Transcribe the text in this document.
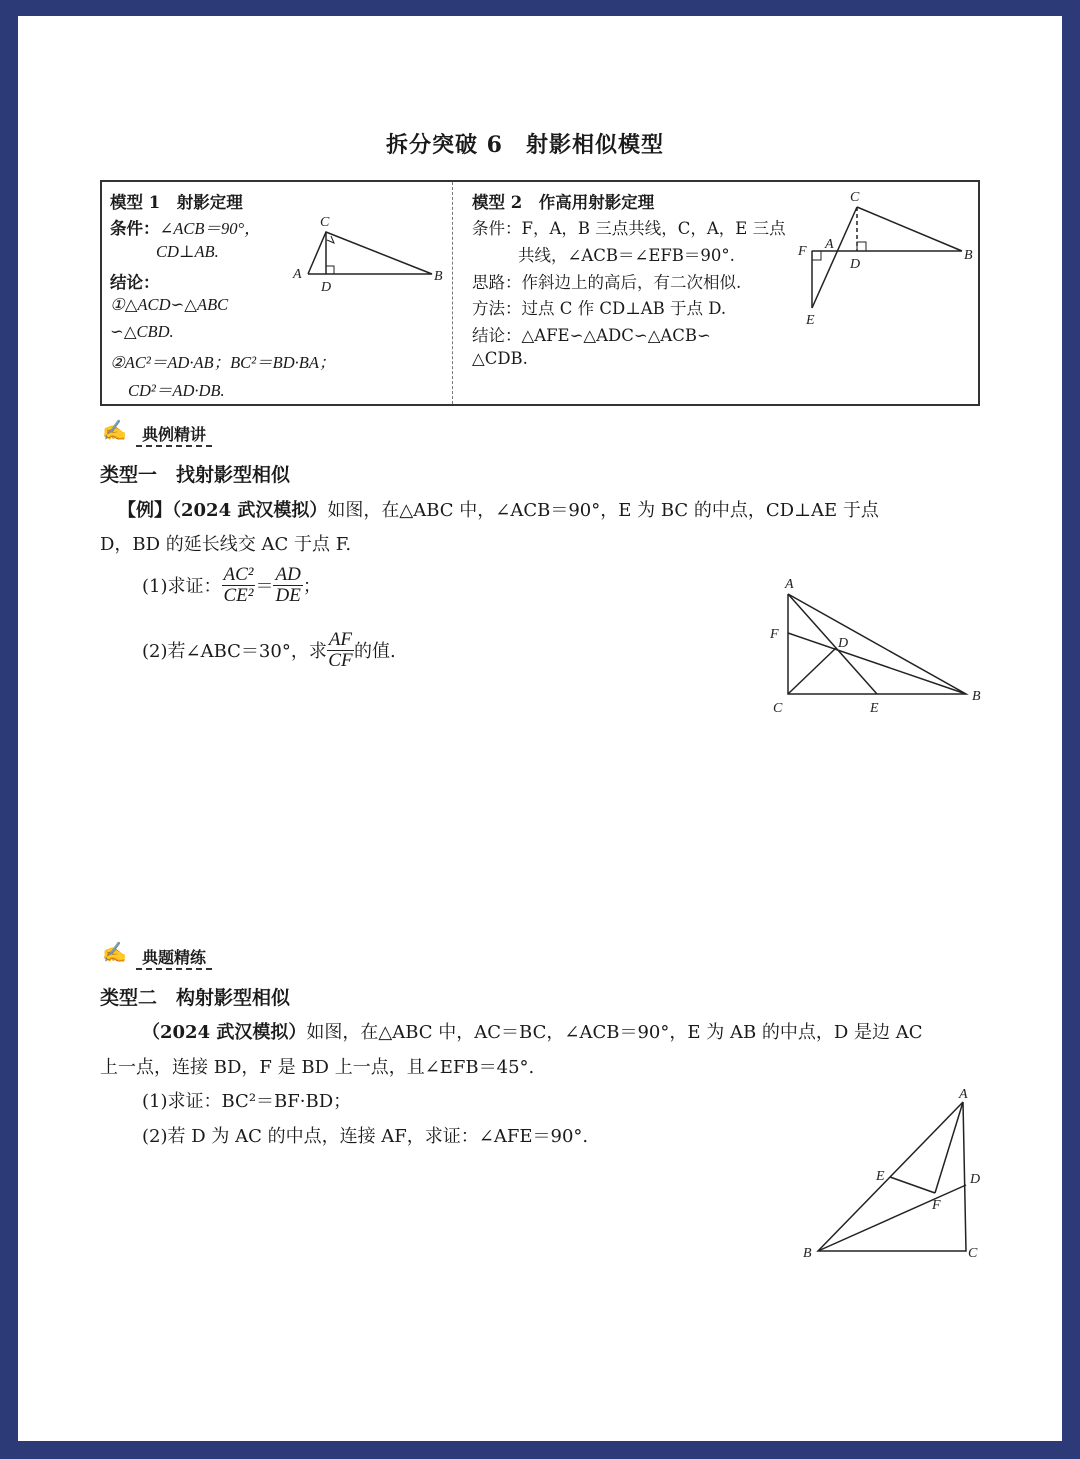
拆分突破 6　射影相似模型
模型 1　射影定理
条件：∠ACB＝90°，
CD⊥AB.
结论：
①△ACD∽△ABC
∽△CBD.
②AC²＝AD·AB；BC²＝BD·BA；
CD²＝AD·DB.
模型 2　作高用射影定理
条件：F，A，B 三点共线，C，A，E 三点
共线，∠ACB＝∠EFB＝90°.
思路：作斜边上的高后，有二次相似.
方法：过点 C 作 CD⊥AB 于点 D.
结论：△AFE∽△ADC∽△ACB∽
△CDB.
✍ 典例精讲
类型一　找射影型相似
【例】（2024 武汉模拟）如图，在△ABC 中，∠ACB＝90°，E 为 BC 的中点，CD⊥AE 于点
D，BD 的延长线交 AC 于点 F.
(1)求证： $\frac{\text{AC²}}{\text{CE²}} = \frac{AD}{DE}$ ；
(2)若∠ABC＝30°，求 $\frac{AF}{CF}$ 的值.
✍ 典题精练
类型二　构射影型相似
（2024 武汉模拟）如图，在△ABC 中，AC＝BC，∠ACB＝90°，E 为 AB 的中点，D 是边 AC
上一点，连接 BD，F 是 BD 上一点，且∠EFB＝45°.
(1)求证：BC²＝BF·BD；
(2)若 D 为 AC 的中点，连接 AF，求证：∠AFE＝90°.
C
A	B
D
C
F A
D
B
E
A
F
D
B
C	E
A
E	D
F
B	C
